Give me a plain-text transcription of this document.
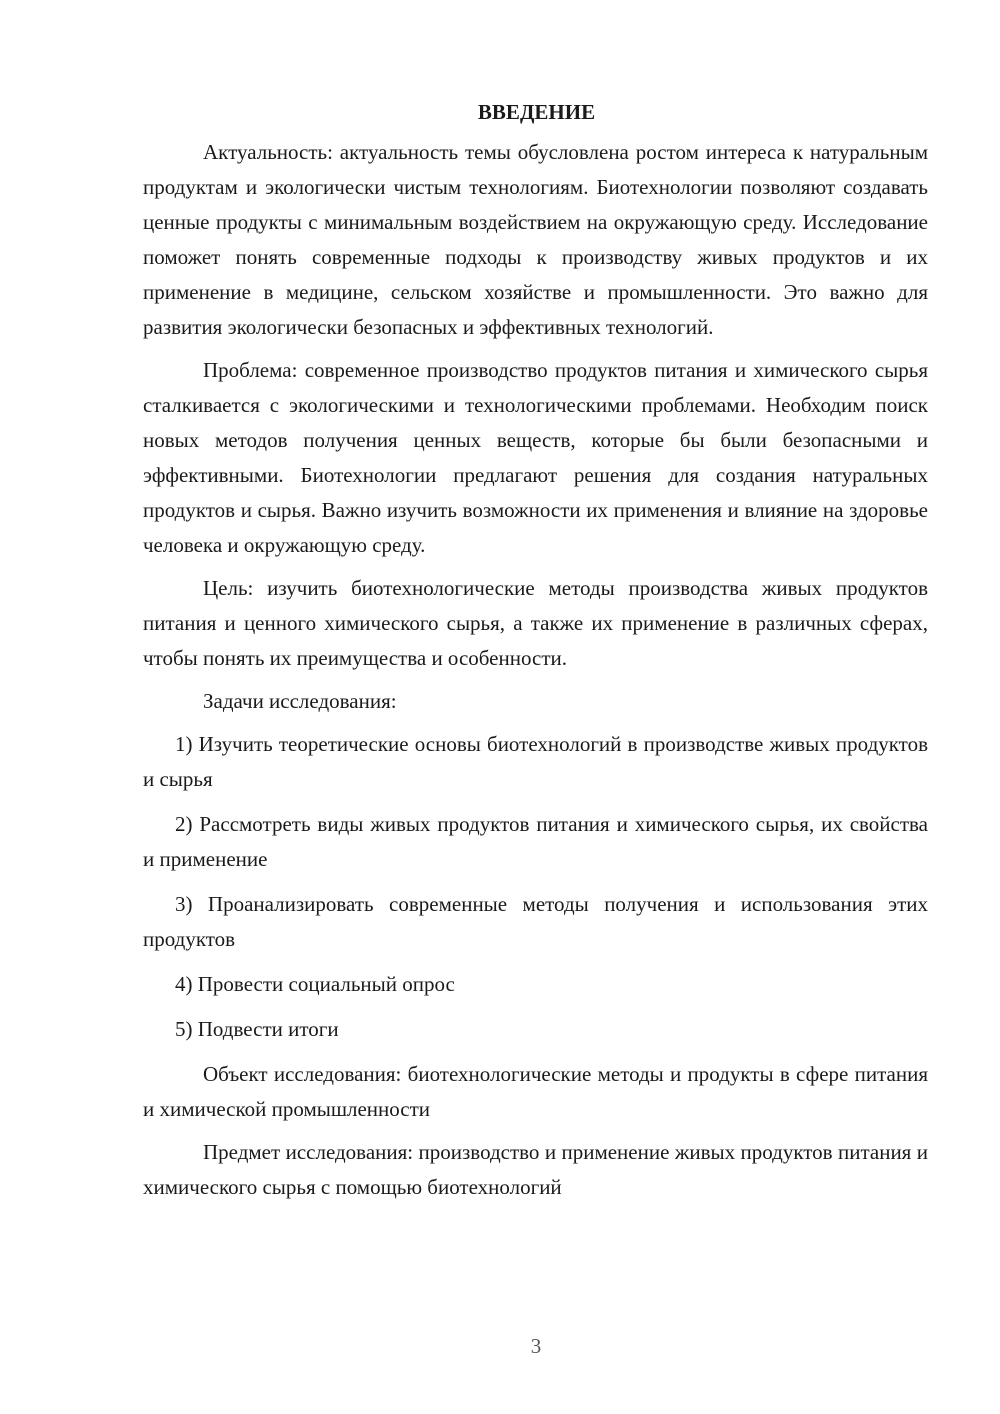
ВВЕДЕНИЕ

Актуальность: актуальность темы обусловлена ростом интереса к натуральным продуктам и экологически чистым технологиям. Биотехнологии позволяют создавать ценные продукты с минимальным воздействием на окружающую среду. Исследование поможет понять современные подходы к производству живых продуктов и их применение в медицине, сельском хозяйстве и промышленности. Это важно для развития экологически безопасных и эффективных технологий.

Проблема: современное производство продуктов питания и химического сырья сталкивается с экологическими и технологическими проблемами. Необходим поиск новых методов получения ценных веществ, которые бы были безопасными и эффективными. Биотехнологии предлагают решения для создания натуральных продуктов и сырья. Важно изучить возможности их применения и влияние на здоровье человека и окружающую среду.

Цель: изучить биотехнологические методы производства живых продуктов питания и ценного химического сырья, а также их применение в различных сферах, чтобы понять их преимущества и особенности.

Задачи исследования:

1) Изучить теоретические основы биотехнологий в производстве живых продуктов и сырья

2) Рассмотреть виды живых продуктов питания и химического сырья, их свойства и применение

3) Проанализировать современные методы получения и использования этих продуктов

4) Провести социальный опрос

5) Подвести итоги

Объект исследования: биотехнологические методы и продукты в сфере питания и химической промышленности

Предмет исследования: производство и применение живых продуктов питания и химического сырья с помощью биотехнологий

3
